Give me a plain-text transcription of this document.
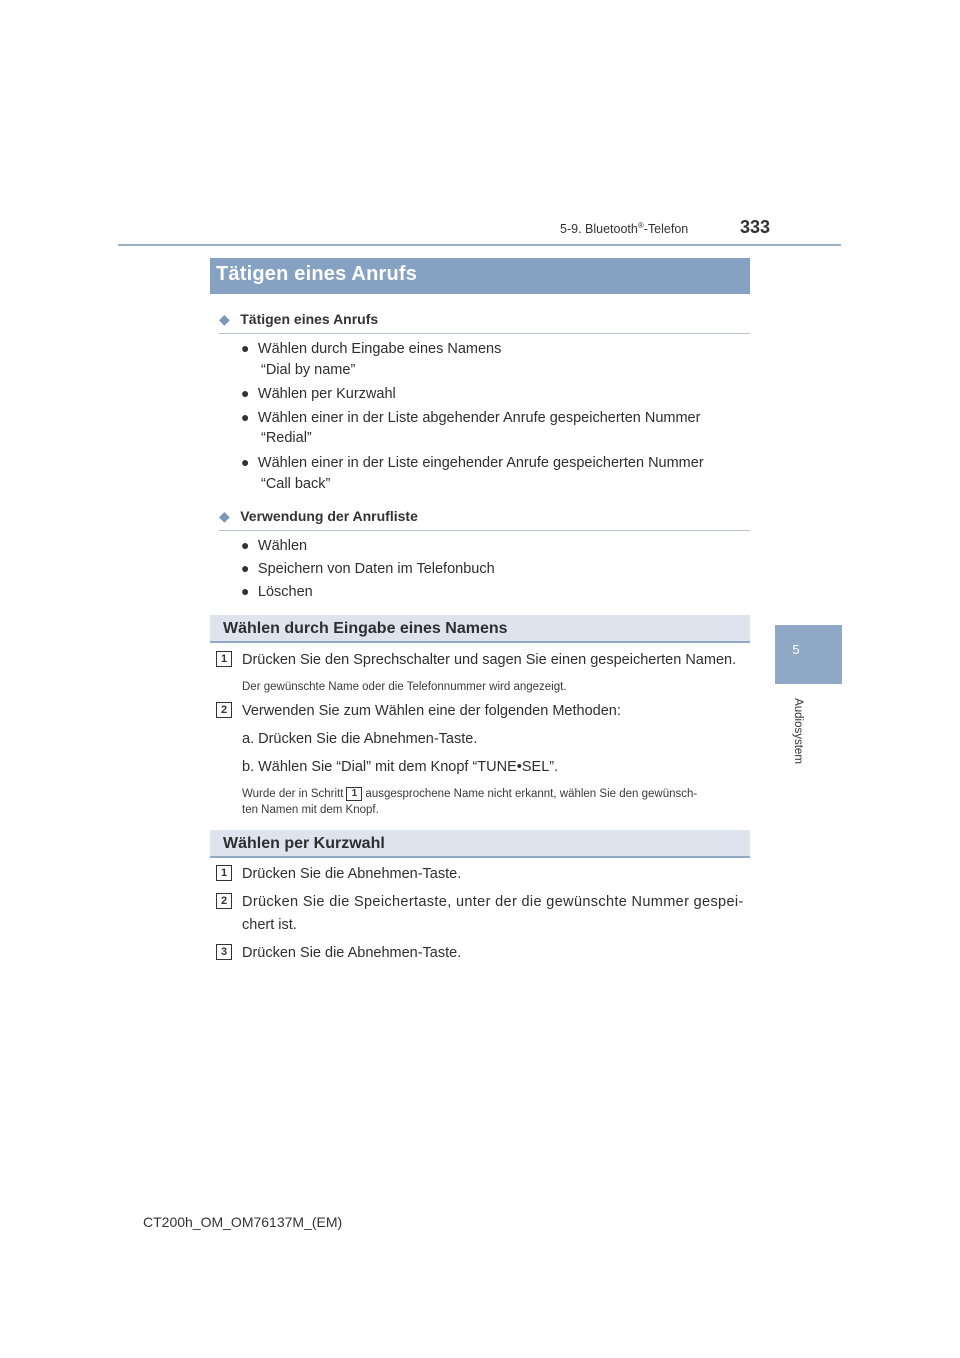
5-9. Bluetooth®-Telefon	333
5
Audiosystem
Tätigen eines Anrufs
◆ Tätigen eines Anrufs
● Wählen durch Eingabe eines Namens
“Dial by name”
● Wählen per Kurzwahl
● Wählen einer in der Liste abgehender Anrufe gespeicherten Nummer
“Redial”
● Wählen einer in der Liste eingehender Anrufe gespeicherten Nummer
“Call back”
◆ Verwendung der Anrufliste
● Wählen
● Speichern von Daten im Telefonbuch
● Löschen
Wählen durch Eingabe eines Namens
1	Drücken Sie den Sprechschalter und sagen Sie einen gespeicherten Namen.
Der gewünschte Name oder die Telefonnummer wird angezeigt.
2	Verwenden Sie zum Wählen eine der folgenden Methoden:
a. Drücken Sie die Abnehmen-Taste.
b. Wählen Sie “Dial” mit dem Knopf “TUNE•SEL”.
Wurde der in Schritt 1 ausgesprochene Name nicht erkannt, wählen Sie den gewünsch-
ten Namen mit dem Knopf.
Wählen per Kurzwahl
1	Drücken Sie die Abnehmen-Taste.
2	Drücken Sie die Speichertaste, unter der die gewünschte Nummer gespei-
chert ist.
3	Drücken Sie die Abnehmen-Taste.
CT200h_OM_OM76137M_(EM)
